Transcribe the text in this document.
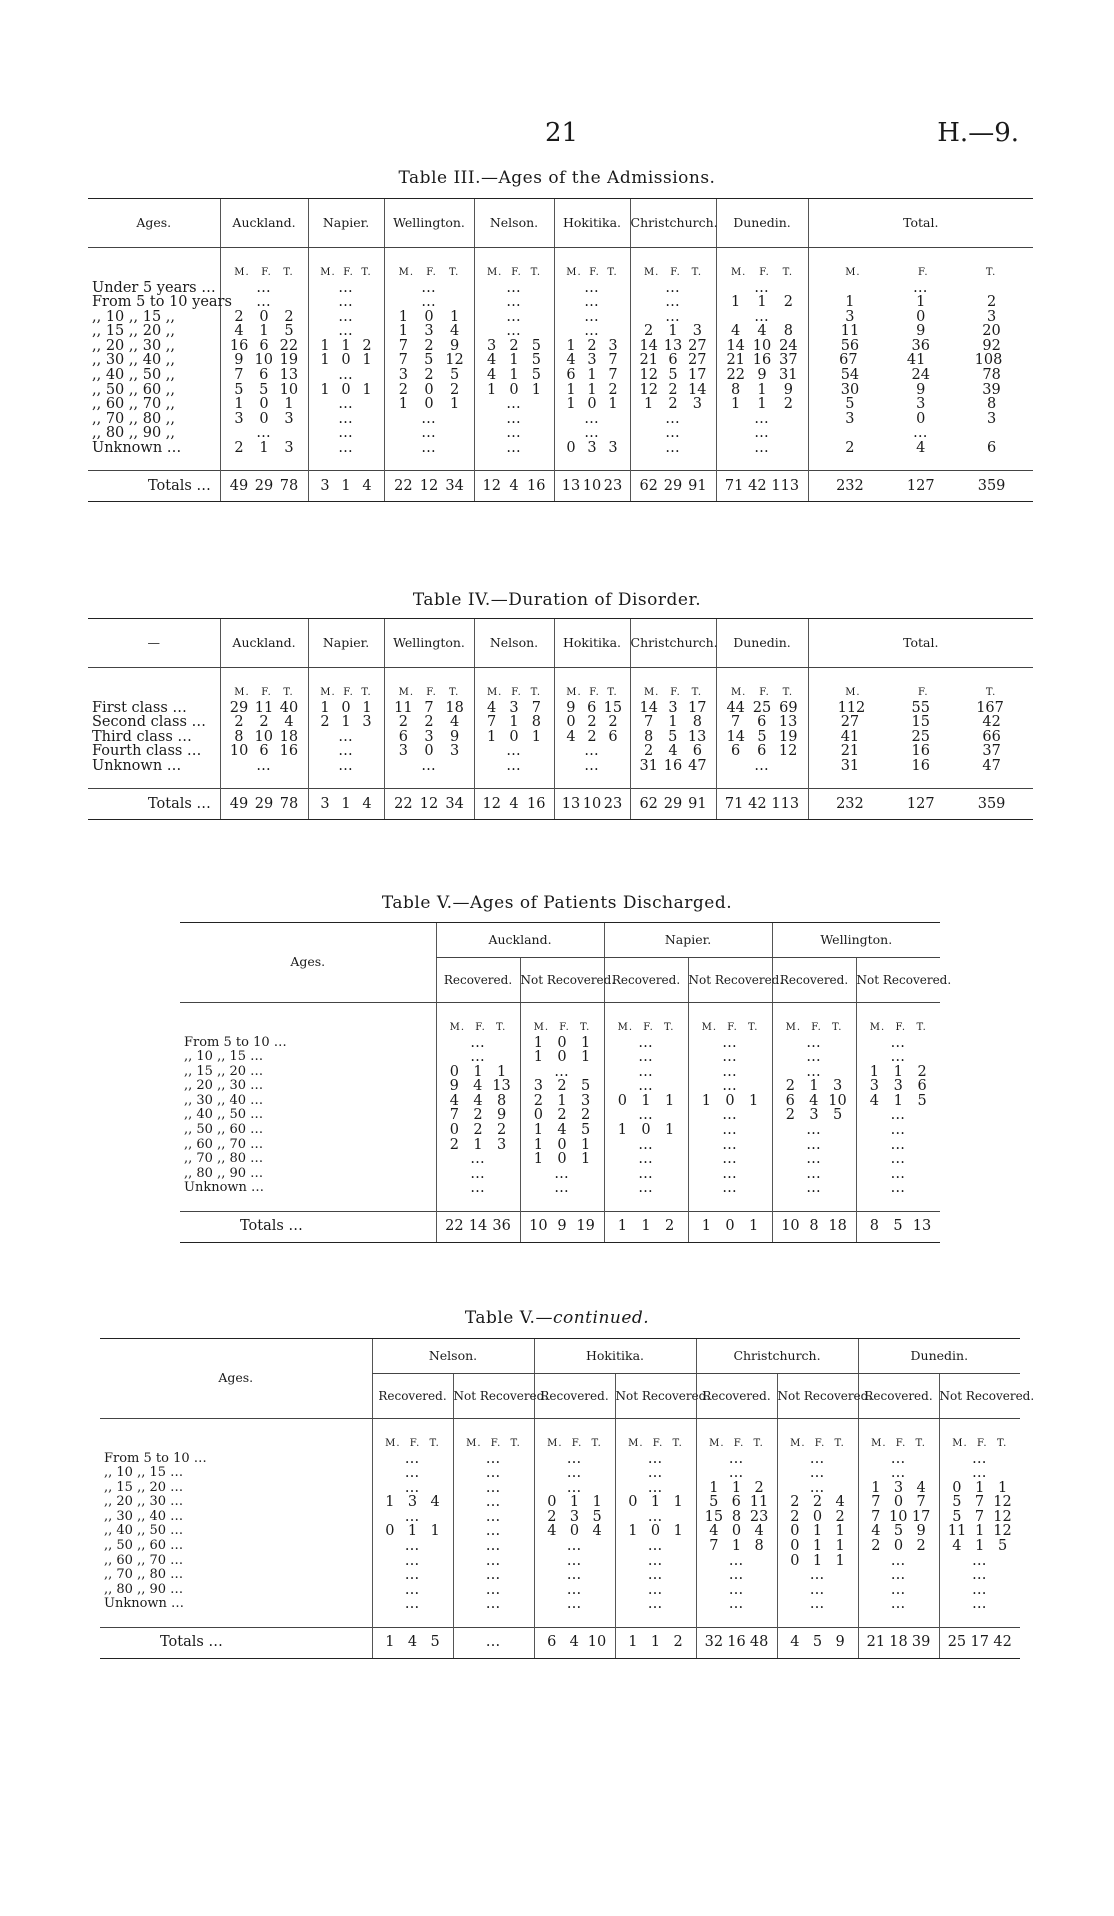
21	H.—9.
Table III.—Ages of the Admissions.
Ages.	Auckland.	Napier.	Wellington.	Nelson.	Hokitika.	Christchurch.	Dunedin.	Total.

	M. F. T.	M. F. T.	M. F. T.	M. F. T.	M. F. T.	M. F. T.	M. F. T.	M. F. T.

Under 5 years …	…	…	…	…	…	…	…	…

From 5 to 10 years	…	…	…	…	…	…	1 1 2	1 1 2

,, 10 ,, 15 ,,	2 0 2	…	1 0 1	…	…	…	…	3 0 3

,, 15 ,, 20 ,,	4 1 5	…	1 3 4	…	…	2 1 3	4 4 8	11 9 20

,, 20 ,, 30 ,,	16 6 22	1 1 2	7 2 9	3 2 5	1 2 3	14 13 27	14 10 24	56 36 92

,, 30 ,, 40 ,,	9 10 19	1 0 1	7 5 12	4 1 5	4 3 7	21 6 27	21 16 37	67 41 108

,, 40 ,, 50 ,,	7 6 13	…	3 2 5	4 1 5	6 1 7	12 5 17	22 9 31	54 24 78

,, 50 ,, 60 ,,	5 5 10	1 0 1	2 0 2	1 0 1	1 1 2	12 2 14	8 1 9	30 9 39

,, 60 ,, 70 ,,	1 0 1	…	1 0 1	…	1 0 1	1 2 3	1 1 2	5 3 8

,, 70 ,, 80 ,,	3 0 3	…	…	…	…	…	…	3 0 3

,, 80 ,, 90 ,,	…	…	…	…	…	…	…	…

Unknown …	2 1 3	…	…	…	0 3 3	…	…	2 4 6

Totals …	49 29 78	3 1 4	22 12 34	12 4 16	13 10 23	62 29 91	71 42 113	232 127 359
Table IV.—Duration of Disorder.
—	Auckland.	Napier.	Wellington.	Nelson.	Hokitika.	Christchurch.	Dunedin.	Total.

	M. F. T.	M. F. T.	M. F. T.	M. F. T.	M. F. T.	M. F. T.	M. F. T.	M. F. T.

First class …	29 11 40	1 0 1	11 7 18	4 3 7	9 6 15	14 3 17	44 25 69	112 55 167

Second class …	2 2 4	2 1 3	2 2 4	7 1 8	0 2 2	7 1 8	7 6 13	27 15 42

Third class …	8 10 18	…	6 3 9	1 0 1	4 2 6	8 5 13	14 5 19	41 25 66

Fourth class …	10 6 16	…	3 0 3	…	…	2 4 6	6 6 12	21 16 37

Unknown …	…	…	…	…	…	31 16 47	…	31 16 47

Totals …	49 29 78	3 1 4	22 12 34	12 4 16	13 10 23	62 29 91	71 42 113	232 127 359
Table V.—Ages of Patients Discharged.
Ages.	Auckland.		Napier.		Wellington.	
	Recovered.	Not Recovered.	Recovered.	Not Recovered.	Recovered.	Not Recovered.

	M. F. T.	M. F. T.	M. F. T.	M. F. T.	M. F. T.	M. F. T.

From 5 to 10 …	…	1 0 1	…	…	…	…

,, 10 ,, 15 …	…	1 0 1	…	…	…	…

,, 15 ,, 20 …	0 1 1	…	…	…	…	1 1 2

,, 20 ,, 30 …	9 4 13	3 2 5	…	…	2 1 3	3 3 6

,, 30 ,, 40 …	4 4 8	2 1 3	0 1 1	1 0 1	6 4 10	4 1 5

,, 40 ,, 50 …	7 2 9	0 2 2	…	…	2 3 5	…

,, 50 ,, 60 …	0 2 2	1 4 5	1 0 1	…	…	…

,, 60 ,, 70 …	2 1 3	1 0 1	…	…	…	…

,, 70 ,, 80 …	…	1 0 1	…	…	…	…

,, 80 ,, 90 …	…	…	…	…	…	…

Unknown …	…	…	…	…	…	…

Totals …	22 14 36	10 9 19	1 1 2	1 0 1	10 8 18	8 5 13
Table V.—continued.
Ages.	Nelson.		Hokitika.		Christchurch.		Dunedin.	
	Recovered.	Not Recovered.	Recovered.	Not Recovered.	Recovered.	Not Recovered.	Recovered.	Not Recovered.

	M. F. T.	M. F. T.	M. F. T.	M. F. T.	M. F. T.	M. F. T.	M. F. T.	M. F. T.

From 5 to 10 …	…	…	…	…	…	…	…	…

,, 10 ,, 15 …	…	…	…	…	…	…	…	…

,, 15 ,, 20 …	…	…	…	…	1 1 2	…	1 3 4	0 1 1

,, 20 ,, 30 …	1 3 4	…	0 1 1	0 1 1	5 6 11	2 2 4	7 0 7	5 7 12

,, 30 ,, 40 …	…	…	2 3 5	…	15 8 23	2 0 2	7 10 17	5 7 12

,, 40 ,, 50 …	0 1 1	…	4 0 4	1 0 1	4 0 4	0 1 1	4 5 9	11 1 12

,, 50 ,, 60 …	…	…	…	…	7 1 8	0 1 1	2 0 2	4 1 5

,, 60 ,, 70 …	…	…	…	…	…	0 1 1	…	…

,, 70 ,, 80 …	…	…	…	…	…	…	…	…

,, 80 ,, 90 …	…	…	…	…	…	…	…	…

Unknown …	…	…	…	…	…	…	…	…

Totals …	1 4 5	…	6 4 10	1 1 2	32 16 48	4 5 9	21 18 39	25 17 42
